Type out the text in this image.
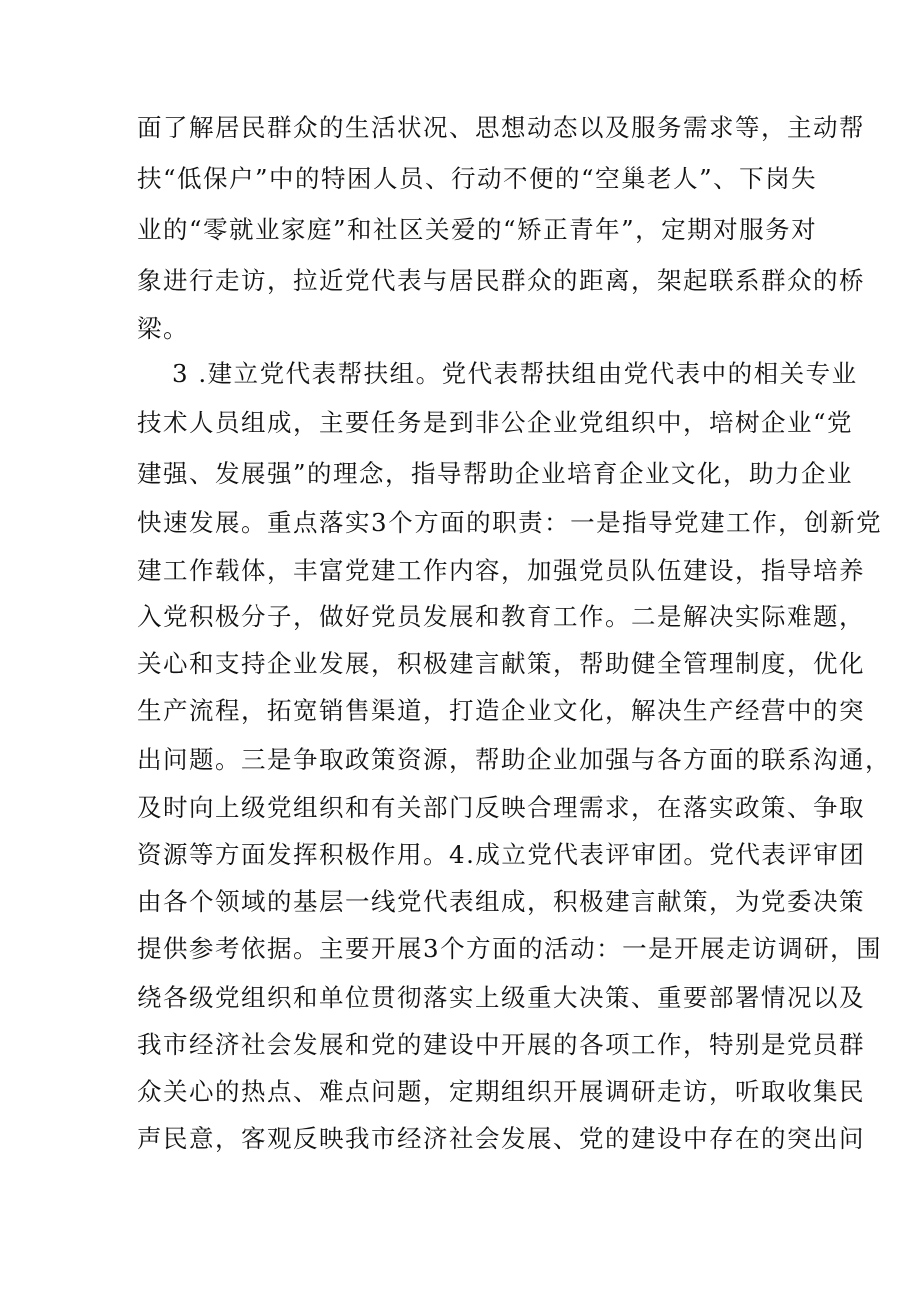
面了解居民群众的生活状况、思想动态以及服务需求等，主动帮
扶“低保户”中的特困人员、行动不便的“空巢老人”、下岗失
业的“零就业家庭”和社区关爱的“矫正青年”，定期对服务对
象进行走访，拉近党代表与居民群众的距离，架起联系群众的桥
梁。
3 .建立党代表帮扶组。党代表帮扶组由党代表中的相关专业
技术人员组成，主要任务是到非公企业党组织中，培树企业“党
建强、发展强”的理念，指导帮助企业培育企业文化，助力企业
快速发展。重点落实3个方面的职责：一是指导党建工作，创新党
建工作载体，丰富党建工作内容，加强党员队伍建设，指导培养
入党积极分子，做好党员发展和教育工作。二是解决实际难题，
关心和支持企业发展，积极建言献策，帮助健全管理制度，优化
生产流程，拓宽销售渠道，打造企业文化，解决生产经营中的突
出问题。三是争取政策资源，帮助企业加强与各方面的联系沟通，
及时向上级党组织和有关部门反映合理需求，在落实政策、争取
资源等方面发挥积极作用。4.成立党代表评审团。党代表评审团
由各个领域的基层一线党代表组成，积极建言献策，为党委决策
提供参考依据。主要开展3个方面的活动：一是开展走访调研，围
绕各级党组织和单位贯彻落实上级重大决策、重要部署情况以及
我市经济社会发展和党的建设中开展的各项工作，特别是党员群
众关心的热点、难点问题，定期组织开展调研走访，听取收集民
声民意，客观反映我市经济社会发展、党的建设中存在的突出问
